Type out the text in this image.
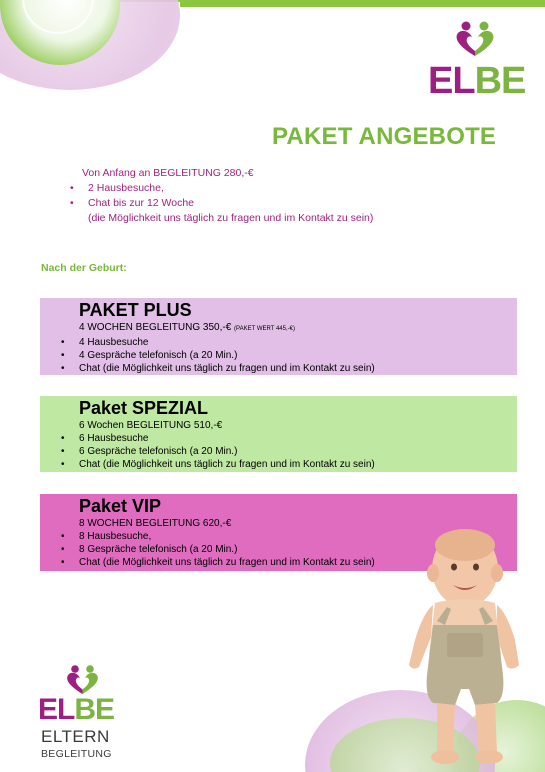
ELBE
PAKET ANGEBOTE
Von Anfang an BEGLEITUNG 280,-€
• 2 Hausbesuche,
• Chat bis zur 12 Woche
(die Möglichkeit uns täglich zu fragen und im Kontakt zu sein)
Nach der Geburt:
PAKET PLUS
4 WOCHEN BEGLEITUNG 350,-€ (PAKET WERT 445,-€)
• 4 Hausbesuche
• 4 Gespräche telefonisch (a 20 Min.)
• Chat (die Möglichkeit uns täglich zu fragen und im Kontakt zu sein)
Paket SPEZIAL
6 Wochen BEGLEITUNG 510,-€
• 6 Hausbesuche
• 6 Gespräche telefonisch (a 20 Min.)
• Chat (die Möglichkeit uns täglich zu fragen und im Kontakt zu sein)
Paket VIP
8 WOCHEN BEGLEITUNG 620,-€
• 8 Hausbesuche,
• 8 Gespräche telefonisch (a 20 Min.)
• Chat (die Möglichkeit uns täglich zu fragen und im Kontakt zu sein)
ELBE
ELTERN
BEGLEITUNG
